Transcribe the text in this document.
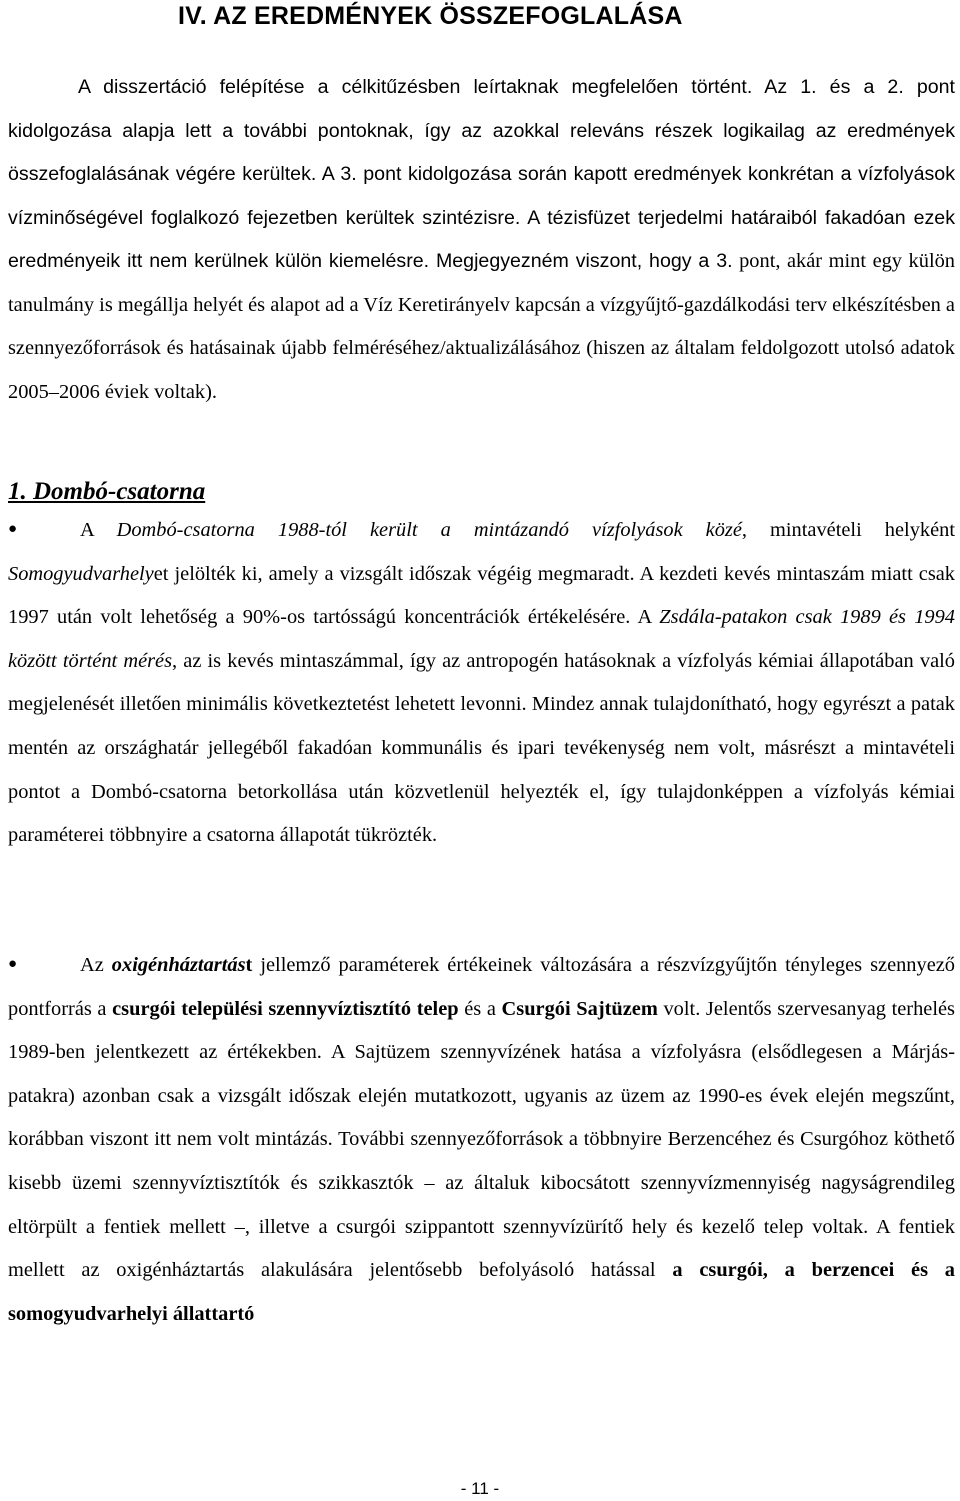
IV. AZ EREDMÉNYEK ÖSSZEFOGLALÁSA

A disszertáció felépítése a célkitűzésben leírtaknak megfelelően történt. Az 1. és a 2. pont kidolgozása alapja lett a további pontoknak, így az azokkal releváns részek logikailag az eredmények összefoglalásának végére kerültek. A 3. pont kidolgozása során kapott eredmények konkrétan a vízfolyások vízminőségével foglalkozó fejezetben kerültek szintézisre. A tézisfüzet terjedelmi határaiból fakadóan ezek eredményeik itt nem kerülnek külön kiemelésre. Megjegyezném viszont, hogy a 3. pont, akár mint egy külön tanulmány is megállja helyét és alapot ad a Víz Keretirányelv kapcsán a vízgyűjtő-gazdálkodási terv elkészítésben a szennyezőforrások és hatásainak újabb felméréséhez/aktualizálásához (hiszen az általam feldolgozott utolsó adatok 2005–2006 éviek voltak).

1. Dombó-csatorna

●	A Dombó-csatorna 1988-tól került a mintázandó vízfolyások közé, mintavételi helyként Somogyudvarhelyet jelölték ki, amely a vizsgált időszak végéig megmaradt. A kezdeti kevés mintaszám miatt csak 1997 után volt lehetőség a 90%-os tartósságú koncentrációk értékelésére. A Zsdála-patakon csak 1989 és 1994 között történt mérés, az is kevés mintaszámmal, így az antropogén hatásoknak a vízfolyás kémiai állapotában való megjelenését illetően minimális következtetést lehetett levonni. Mindez annak tulajdonítható, hogy egyrészt a patak mentén az országhatár jellegéből fakadóan kommunális és ipari tevékenység nem volt, másrészt a mintavételi pontot a Dombó-csatorna betorkollása után közvetlenül helyezték el, így tulajdonképpen a vízfolyás kémiai paraméterei többnyire a csatorna állapotát tükrözték.

●	Az oxigénháztartást jellemző paraméterek értékeinek változására a részvízgyűjtőn tényleges szennyező pontforrás a csurgói települési szennyvíztisztító telep és a Csurgói Sajtüzem volt. Jelentős szervesanyag terhelés 1989-ben jelentkezett az értékekben. A Sajtüzem szennyvízének hatása a vízfolyásra (elsődlegesen a Márjás-patakra) azonban csak a vizsgált időszak elején mutatkozott, ugyanis az üzem az 1990-es évek elején megszűnt, korábban viszont itt nem volt mintázás. További szennyezőforrások a többnyire Berzencéhez és Csurgóhoz köthető kisebb üzemi szennyvíztisztítók és szikkasztók – az általuk kibocsátott szennyvízmennyiség nagyságrendileg eltörpült a fentiek mellett –, illetve a csurgói szippantott szennyvízürítő hely és kezelő telep voltak. A fentiek mellett az oxigénháztartás alakulására jelentősebb befolyásoló hatással a csurgói, a berzencei és a somogyudvarhelyi állattartó

- 11 -
